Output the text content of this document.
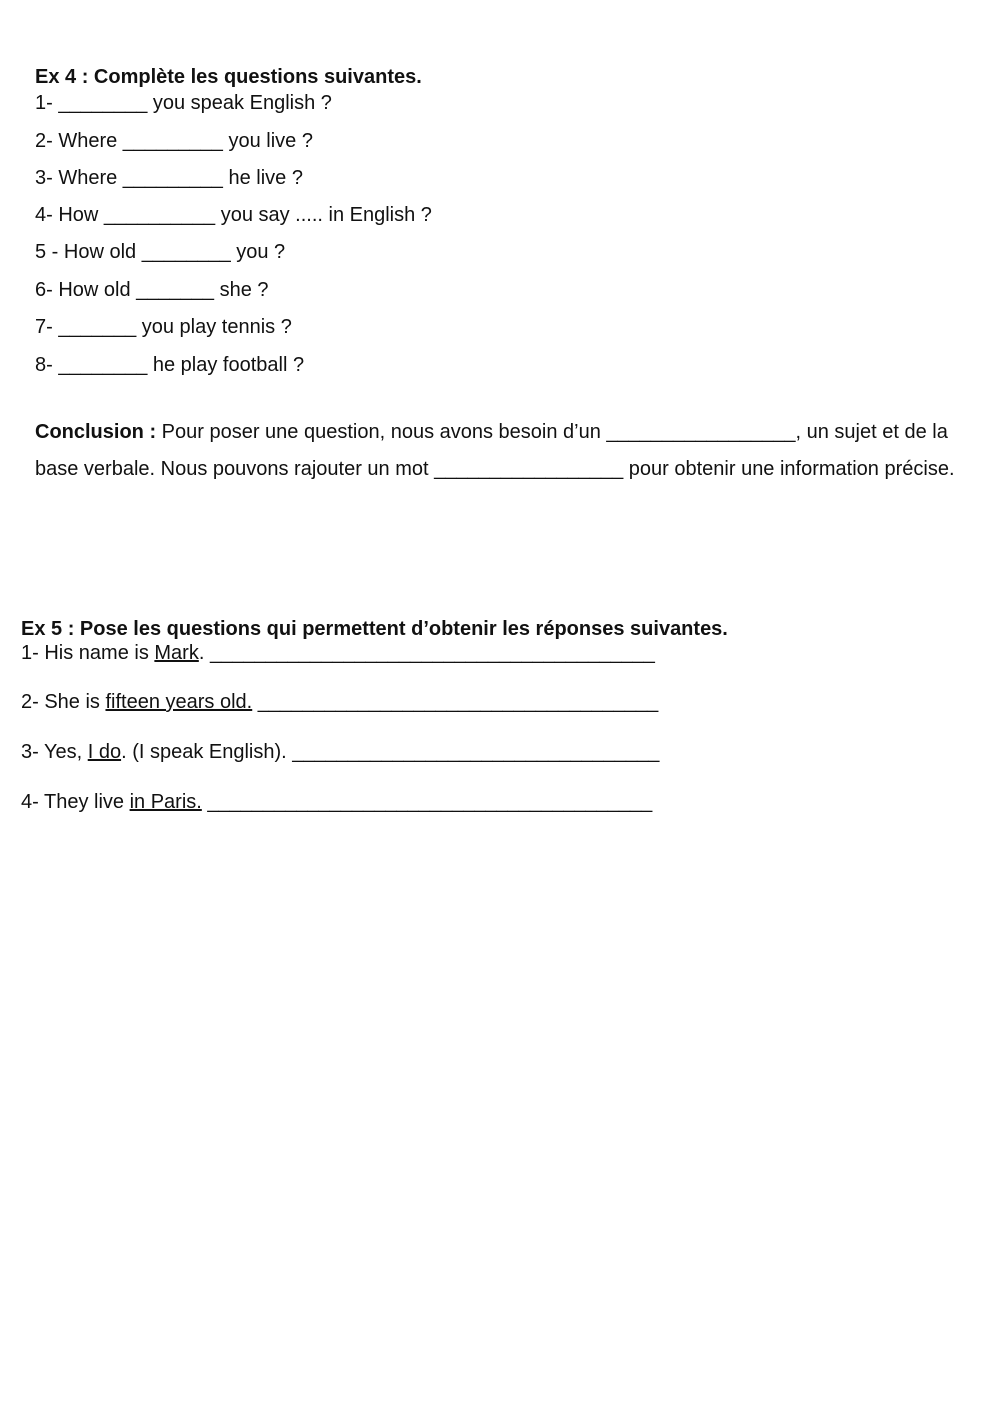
Ex 4 : Complète les questions suivantes.
1- ________ you speak English ?
2- Where _________ you live ?
3- Where _________ he live ?
4- How __________ you say ..... in English ?
5 - How old ________ you ?
6- How old _______ she ?
7- _______ you play tennis ?
8- ________ he play football ?
Conclusion : Pour poser une question, nous avons besoin d’un _________________, un sujet et de la base verbale. Nous pouvons rajouter un mot _________________ pour obtenir une information précise.
Ex 5 : Pose les questions qui permettent d’obtenir les réponses suivantes.
1- His name is Mark. ________________________________________
2- She is fifteen years old. ____________________________________
3- Yes, I do. (I speak English). _________________________________
4- They live in Paris. ________________________________________
